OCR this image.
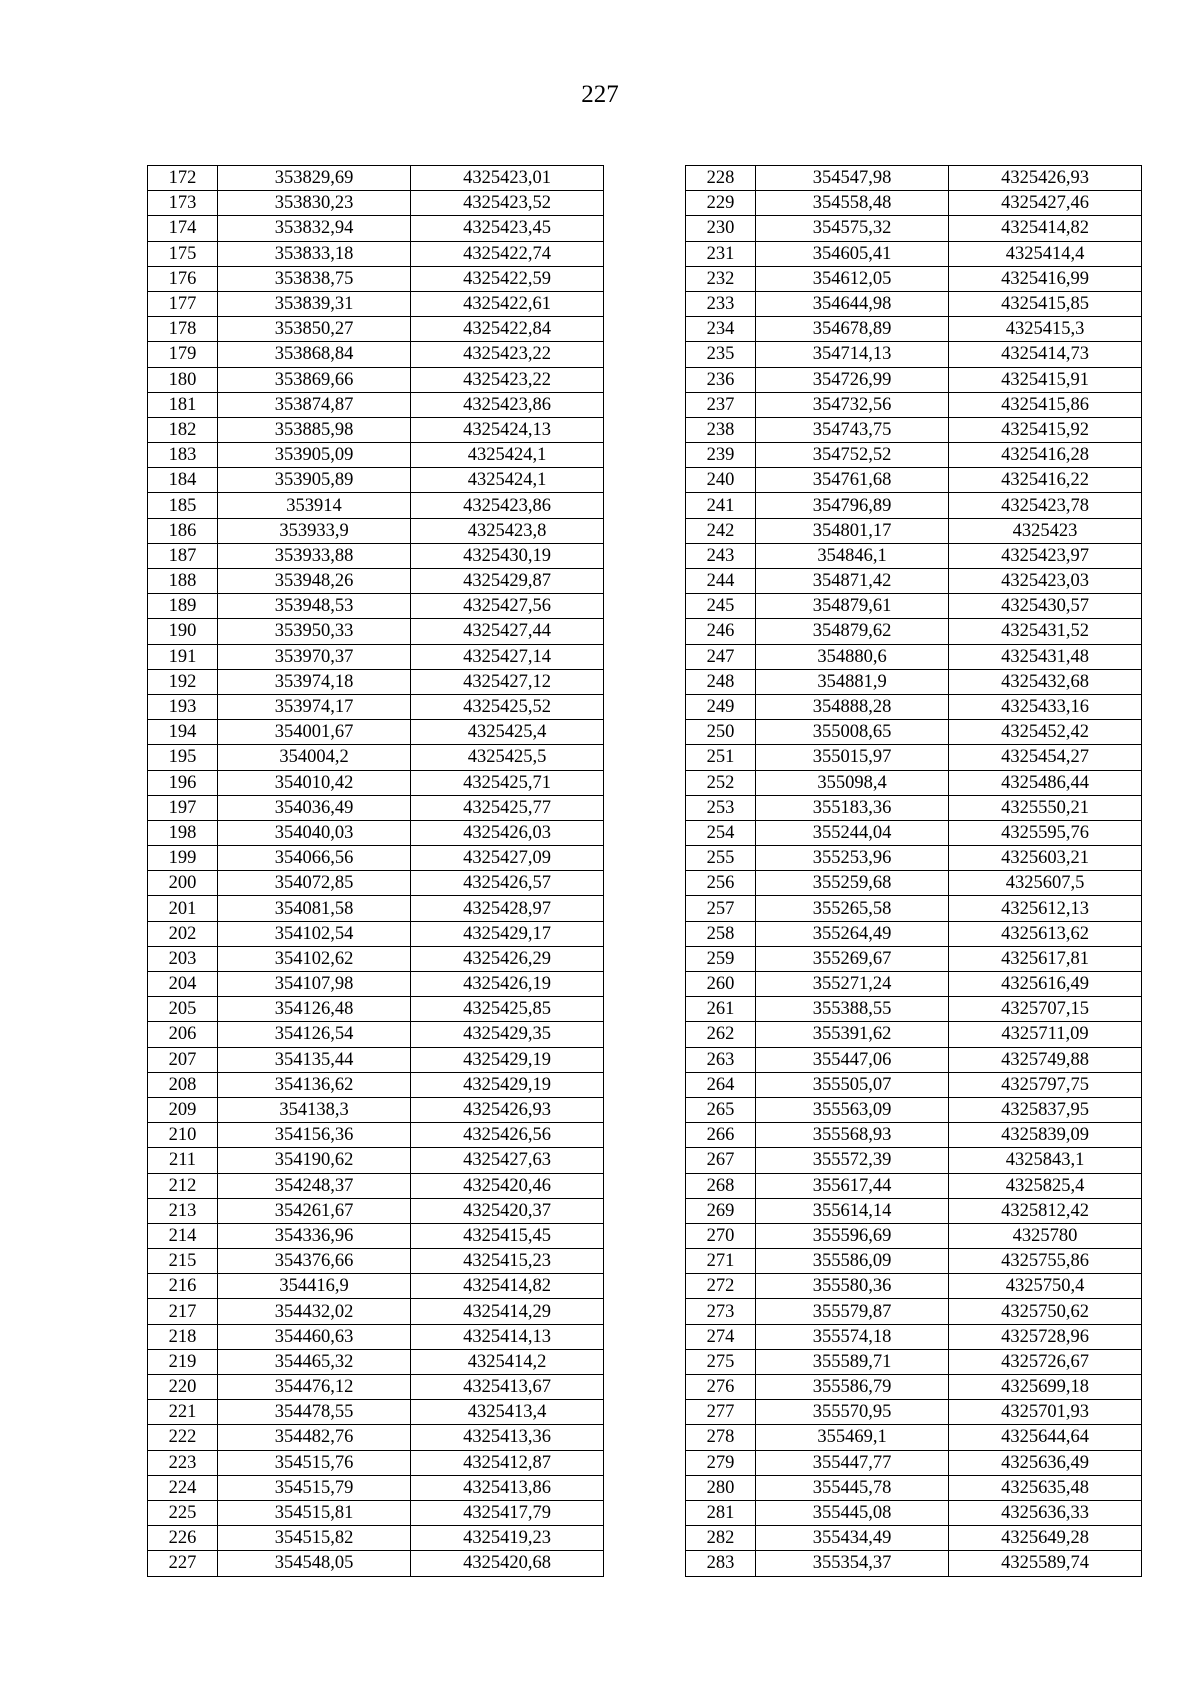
227
172	353829,69	4325423,01
173	353830,23	4325423,52
174	353832,94	4325423,45
175	353833,18	4325422,74
176	353838,75	4325422,59
177	353839,31	4325422,61
178	353850,27	4325422,84
179	353868,84	4325423,22
180	353869,66	4325423,22
181	353874,87	4325423,86
182	353885,98	4325424,13
183	353905,09	4325424,1
184	353905,89	4325424,1
185	353914	4325423,86
186	353933,9	4325423,8
187	353933,88	4325430,19
188	353948,26	4325429,87
189	353948,53	4325427,56
190	353950,33	4325427,44
191	353970,37	4325427,14
192	353974,18	4325427,12
193	353974,17	4325425,52
194	354001,67	4325425,4
195	354004,2	4325425,5
196	354010,42	4325425,71
197	354036,49	4325425,77
198	354040,03	4325426,03
199	354066,56	4325427,09
200	354072,85	4325426,57
201	354081,58	4325428,97
202	354102,54	4325429,17
203	354102,62	4325426,29
204	354107,98	4325426,19
205	354126,48	4325425,85
206	354126,54	4325429,35
207	354135,44	4325429,19
208	354136,62	4325429,19
209	354138,3	4325426,93
210	354156,36	4325426,56
211	354190,62	4325427,63
212	354248,37	4325420,46
213	354261,67	4325420,37
214	354336,96	4325415,45
215	354376,66	4325415,23
216	354416,9	4325414,82
217	354432,02	4325414,29
218	354460,63	4325414,13
219	354465,32	4325414,2
220	354476,12	4325413,67
221	354478,55	4325413,4
222	354482,76	4325413,36
223	354515,76	4325412,87
224	354515,79	4325413,86
225	354515,81	4325417,79
226	354515,82	4325419,23
227	354548,05	4325420,68
228	354547,98	4325426,93
229	354558,48	4325427,46
230	354575,32	4325414,82
231	354605,41	4325414,4
232	354612,05	4325416,99
233	354644,98	4325415,85
234	354678,89	4325415,3
235	354714,13	4325414,73
236	354726,99	4325415,91
237	354732,56	4325415,86
238	354743,75	4325415,92
239	354752,52	4325416,28
240	354761,68	4325416,22
241	354796,89	4325423,78
242	354801,17	4325423
243	354846,1	4325423,97
244	354871,42	4325423,03
245	354879,61	4325430,57
246	354879,62	4325431,52
247	354880,6	4325431,48
248	354881,9	4325432,68
249	354888,28	4325433,16
250	355008,65	4325452,42
251	355015,97	4325454,27
252	355098,4	4325486,44
253	355183,36	4325550,21
254	355244,04	4325595,76
255	355253,96	4325603,21
256	355259,68	4325607,5
257	355265,58	4325612,13
258	355264,49	4325613,62
259	355269,67	4325617,81
260	355271,24	4325616,49
261	355388,55	4325707,15
262	355391,62	4325711,09
263	355447,06	4325749,88
264	355505,07	4325797,75
265	355563,09	4325837,95
266	355568,93	4325839,09
267	355572,39	4325843,1
268	355617,44	4325825,4
269	355614,14	4325812,42
270	355596,69	4325780
271	355586,09	4325755,86
272	355580,36	4325750,4
273	355579,87	4325750,62
274	355574,18	4325728,96
275	355589,71	4325726,67
276	355586,79	4325699,18
277	355570,95	4325701,93
278	355469,1	4325644,64
279	355447,77	4325636,49
280	355445,78	4325635,48
281	355445,08	4325636,33
282	355434,49	4325649,28
283	355354,37	4325589,74
